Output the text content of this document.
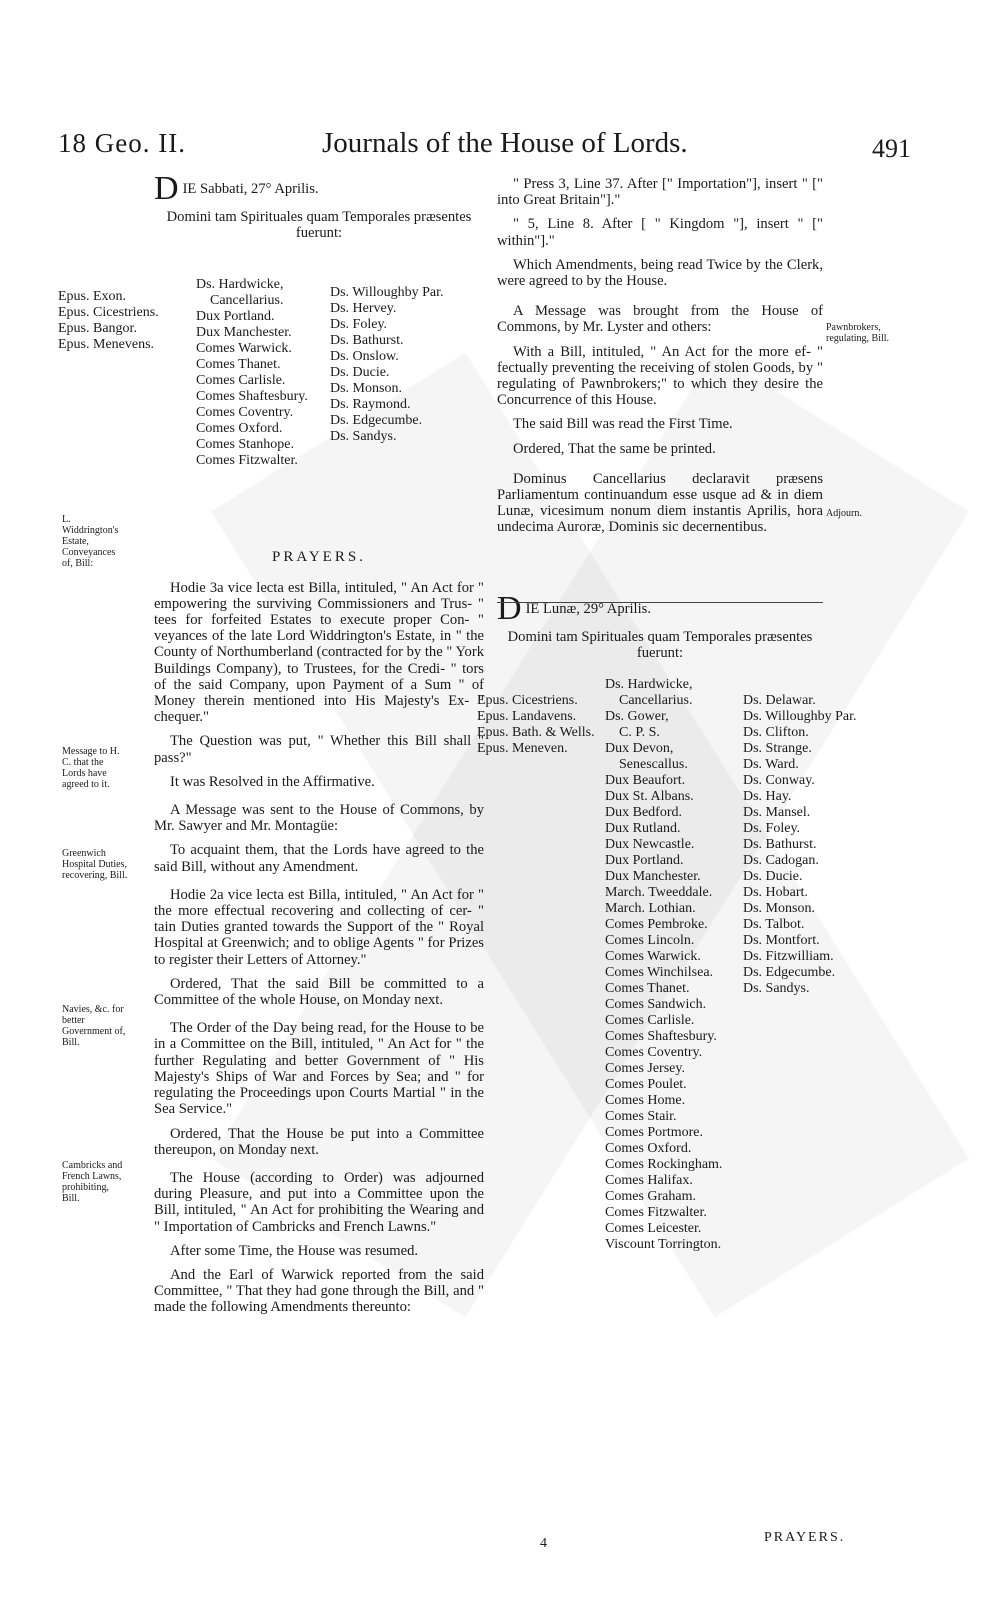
18 Geo. II.	Journals of the House of Lords.	491
L. Widdrington's Estate, Conveyances of, Bill:
Message to H. C. that the Lords have agreed to it.
Greenwich Hospital Duties, recovering, Bill.
Navies, &c. for better Government of, Bill.
Cambricks and French Lawns, prohibiting, Bill.
Pawnbrokers, regulating, Bill.
Adjourn.
DIE Sabbati, 27° Aprilis.

Domini tam Spirituales quam Temporales præsentes fuerunt:

Epus. Exon.
Epus. Cicestriens.
Epus. Bangor.
Epus. Menevens.
Ds. Hardwicke,
Cancellarius.
Dux Portland.
Dux Manchester.
Comes Warwick.
Comes Thanet.
Comes Carlisle.
Comes Shaftesbury.
Comes Coventry.
Comes Oxford.
Comes Stanhope.
Comes Fitzwalter.
Ds. Willoughby Par.
Ds. Hervey.
Ds. Foley.
Ds. Bathurst.
Ds. Onslow.
Ds. Ducie.
Ds. Monson.
Ds. Raymond.
Ds. Edgecumbe.
Ds. Sandys.
PRAYERS.

Hodie 3a vice lecta est Billa, intituled, " An Act for " empowering the surviving Commissioners and Trus- " tees for forfeited Estates to execute proper Con- " veyances of the late Lord Widdrington's Estate, in " the County of Northumberland (contracted for by the " York Buildings Company), to Trustees, for the Credi- " tors of the said Company, upon Payment of a Sum " of Money therein mentioned into His Majesty's Ex- " chequer."

The Question was put, " Whether this Bill shall " pass?"

It was Resolved in the Affirmative.

A Message was sent to the House of Commons, by Mr. Sawyer and Mr. Montagüe:

To acquaint them, that the Lords have agreed to the said Bill, without any Amendment.

Hodie 2a vice lecta est Billa, intituled, " An Act for " the more effectual recovering and collecting of cer- " tain Duties granted towards the Support of the " Royal Hospital at Greenwich; and to oblige Agents " for Prizes to register their Letters of Attorney."

Ordered, That the said Bill be committed to a Committee of the whole House, on Monday next.

The Order of the Day being read, for the House to be in a Committee on the Bill, intituled, " An Act for " the further Regulating and better Government of " His Majesty's Ships of War and Forces by Sea; and " for regulating the Proceedings upon Courts Martial " in the Sea Service."

Ordered, That the House be put into a Committee thereupon, on Monday next.

The House (according to Order) was adjourned during Pleasure, and put into a Committee upon the Bill, intituled, " An Act for prohibiting the Wearing and " Importation of Cambricks and French Lawns."

After some Time, the House was resumed.

And the Earl of Warwick reported from the said Committee, " That they had gone through the Bill, and " made the following Amendments thereunto:

" Press 3, Line 37. After [" Importation"], insert " [" into Great Britain"]."

" 5, Line 8. After [ " Kingdom "], insert " [" within"]."

Which Amendments, being read Twice by the Clerk, were agreed to by the House.

A Message was brought from the House of Commons, by Mr. Lyster and others:

With a Bill, intituled, " An Act for the more ef- " fectually preventing the receiving of stolen Goods, by " regulating of Pawnbrokers;" to which they desire the Concurrence of this House.

The said Bill was read the First Time.

Ordered, That the same be printed.

Dominus Cancellarius declaravit præsens Parliamentum continuandum esse usque ad & in diem Lunæ, vicesimum nonum diem instantis Aprilis, hora undecima Auroræ, Dominis sic decernentibus.

DIE Lunæ, 29° Aprilis.

Domini tam Spirituales quam Temporales præsentes fuerunt:

Epus. Cicestriens.
Epus. Landavens.
Epus. Bath. & Wells.
Epus. Meneven.
Ds. Hardwicke,
Cancellarius.
Ds. Gower,
C. P. S.
Dux Devon,
Senescallus.
Dux Beaufort.
Dux St. Albans.
Dux Bedford.
Dux Rutland.
Dux Newcastle.
Dux Portland.
Dux Manchester.
March. Tweeddale.
March. Lothian.
Comes Pembroke.
Comes Lincoln.
Comes Warwick.
Comes Winchilsea.
Comes Thanet.
Comes Sandwich.
Comes Carlisle.
Comes Shaftesbury.
Comes Coventry.
Comes Jersey.
Comes Poulet.
Comes Home.
Comes Stair.
Comes Portmore.
Comes Oxford.
Comes Rockingham.
Comes Halifax.
Comes Graham.
Comes Fitzwalter.
Comes Leicester.
Viscount Torrington.
Ds. Delawar.
Ds. Willoughby Par.
Ds. Clifton.
Ds. Strange.
Ds. Ward.
Ds. Conway.
Ds. Hay.
Ds. Mansel.
Ds. Foley.
Ds. Bathurst.
Ds. Cadogan.
Ds. Ducie.
Ds. Hobart.
Ds. Monson.
Ds. Talbot.
Ds. Montfort.
Ds. Fitzwilliam.
Ds. Edgecumbe.
Ds. Sandys.
4	PRAYERS.
